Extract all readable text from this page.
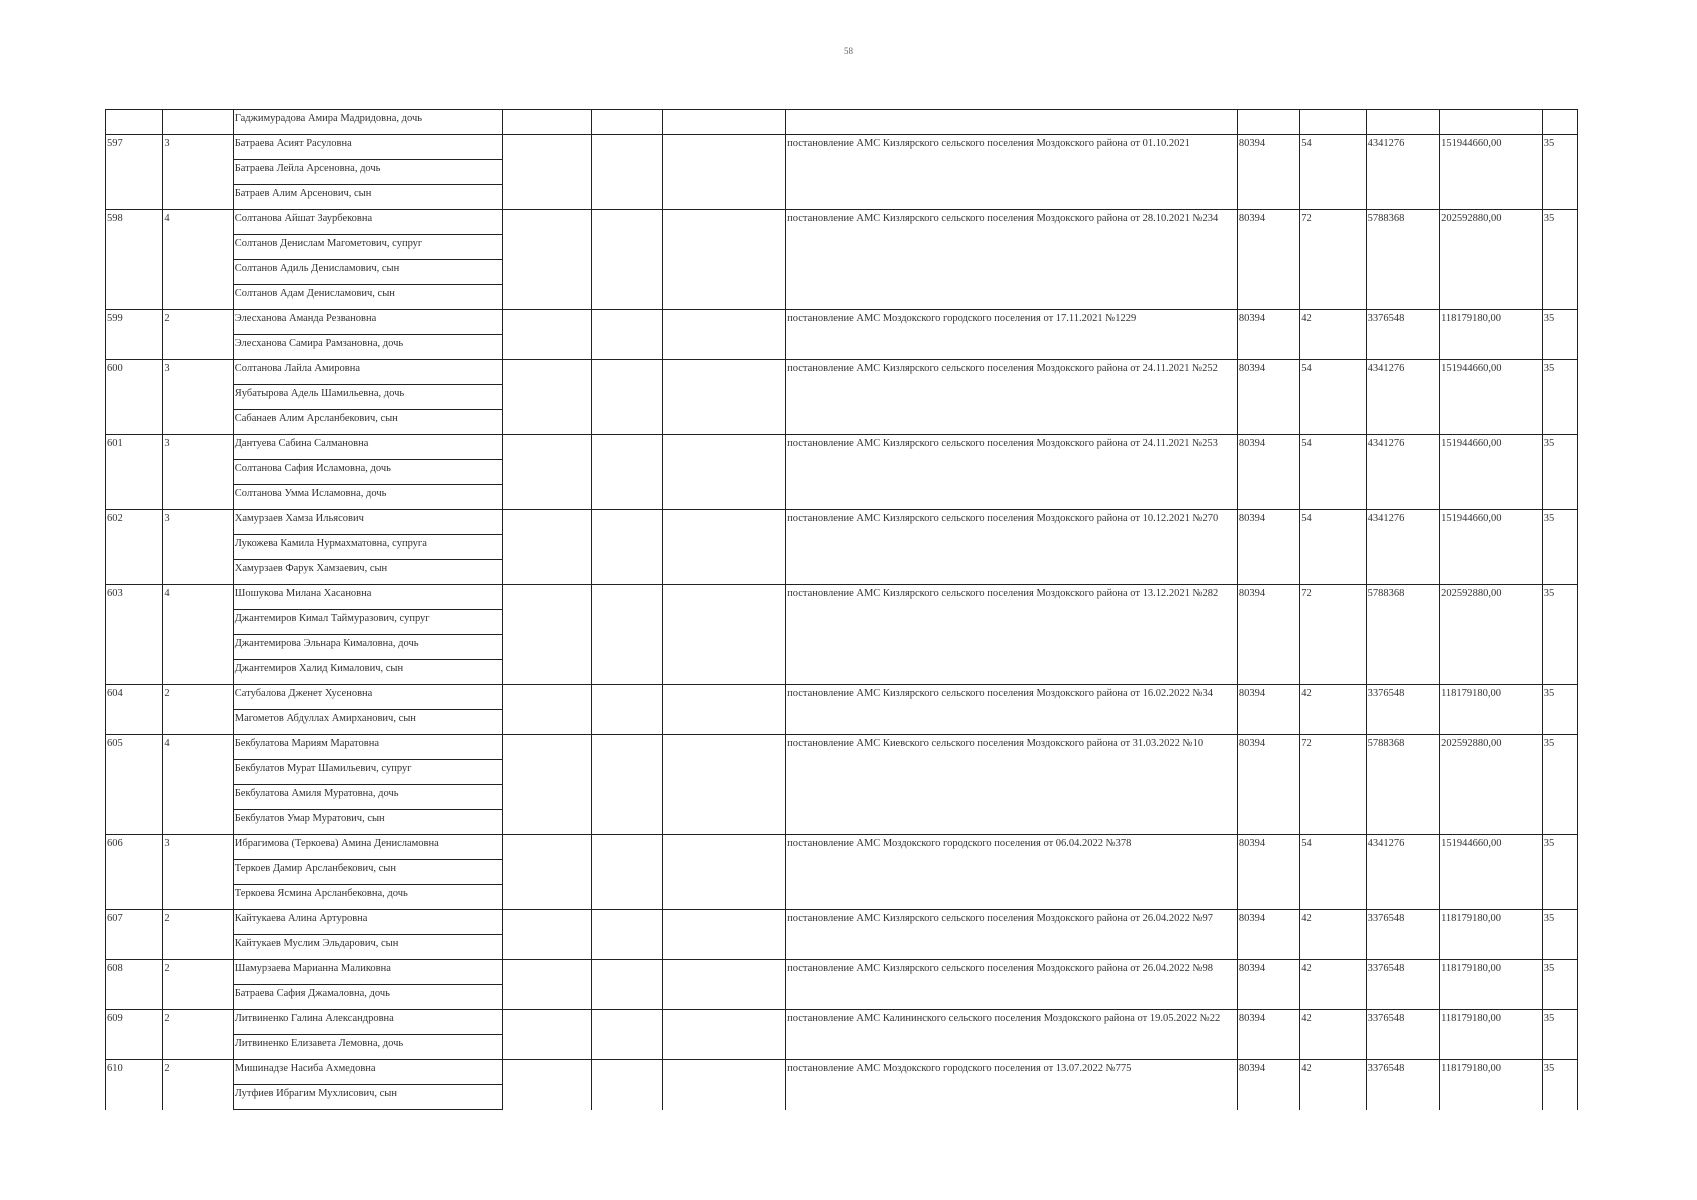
58

		Гаджимурадова Амира Мадридовна, дочь									

597	3	Батраева Асият Расуловна				постановление АМС Кизлярского сельского поселения Моздокского района от 01.10.2021	80394	54	4341276	151944660,00	35

		Батраева Лейла Арсеновна, дочь									

		Батраев Алим Арсенович, сын									

598	4	Солтанова Айшат Заурбековна				постановление АМС Кизлярского сельского поселения Моздокского района от 28.10.2021 №234	80394	72	5788368	202592880,00	35

		Солтанов Денислам Магометович, супруг									

		Солтанов Адиль Денисламович, сын									

		Солтанов Адам Денисламович, сын									

599	2	Элесханова Аманда Резвановна				постановление АМС Моздокского городского поселения от 17.11.2021 №1229	80394	42	3376548	118179180,00	35

		Элесханова Самира Рамзановна, дочь									

600	3	Солтанова Лайла Амировна				постановление АМС Кизлярского сельского поселения Моздокского района от 24.11.2021 №252	80394	54	4341276	151944660,00	35

		Яубатырова Адель Шамильевна, дочь									

		Сабанаев Алим Арсланбекович, сын									

601	3	Дантуева Сабина Салмановна				постановление АМС Кизлярского сельского поселения Моздокского района от 24.11.2021 №253	80394	54	4341276	151944660,00	35

		Солтанова Сафия Исламовна, дочь									

		Солтанова Умма Исламовна, дочь									

602	3	Хамурзаев Хамза Ильясович				постановление АМС Кизлярского сельского поселения Моздокского района от 10.12.2021 №270	80394	54	4341276	151944660,00	35

		Лукожева Камила Нурмахматовна, супруга									

		Хамурзаев Фарук Хамзаевич, сын									

603	4	Шошукова Милана Хасановна				постановление АМС Кизлярского сельского поселения Моздокского района от 13.12.2021 №282	80394	72	5788368	202592880,00	35

		Джантемиров Кимал Таймуразович, супруг									

		Джантемирова Эльнара Кималовна, дочь									

		Джантемиров Халид Кималович, сын									

604	2	Сатубалова Дженет Хусеновна				постановление АМС Кизлярского сельского поселения Моздокского района от 16.02.2022 №34	80394	42	3376548	118179180,00	35

		Магометов Абдуллах Амирханович, сын									

605	4	Бекбулатова Мариям Маратовна				постановление АМС Киевского сельского поселения Моздокского района от 31.03.2022 №10	80394	72	5788368	202592880,00	35

		Бекбулатов Мурат Шамильевич, супруг									

		Бекбулатова Амиля Муратовна, дочь									

		Бекбулатов Умар Муратович, сын									

606	3	Ибрагимова (Теркоева) Амина Денисламовна				постановление АМС Моздокского городского поселения от 06.04.2022 №378	80394	54	4341276	151944660,00	35

		Теркоев Дамир Арсланбекович, сын									

		Теркоева Ясмина Арсланбековна, дочь									

607	2	Кайтукаева Алина Артуровна				постановление АМС Кизлярского сельского поселения Моздокского района от 26.04.2022 №97	80394	42	3376548	118179180,00	35

		Кайтукаев Муслим Эльдарович, сын									

608	2	Шамурзаева Марианна Маликовна				постановление АМС Кизлярского сельского поселения Моздокского района от 26.04.2022 №98	80394	42	3376548	118179180,00	35

		Батраева Сафия Джамаловна, дочь									

609	2	Литвиненко Галина Александровна				постановление АМС Калининского сельского поселения Моздокского района от 19.05.2022 №22	80394	42	3376548	118179180,00	35

		Литвиненко Елизавета Лемовна, дочь									

610	2	Мишинадзе Насиба Ахмедовна				постановление АМС Моздокского городского поселения от 13.07.2022 №775	80394	42	3376548	118179180,00	35

		Лутфиев Ибрагим Мухлисович, сын									
